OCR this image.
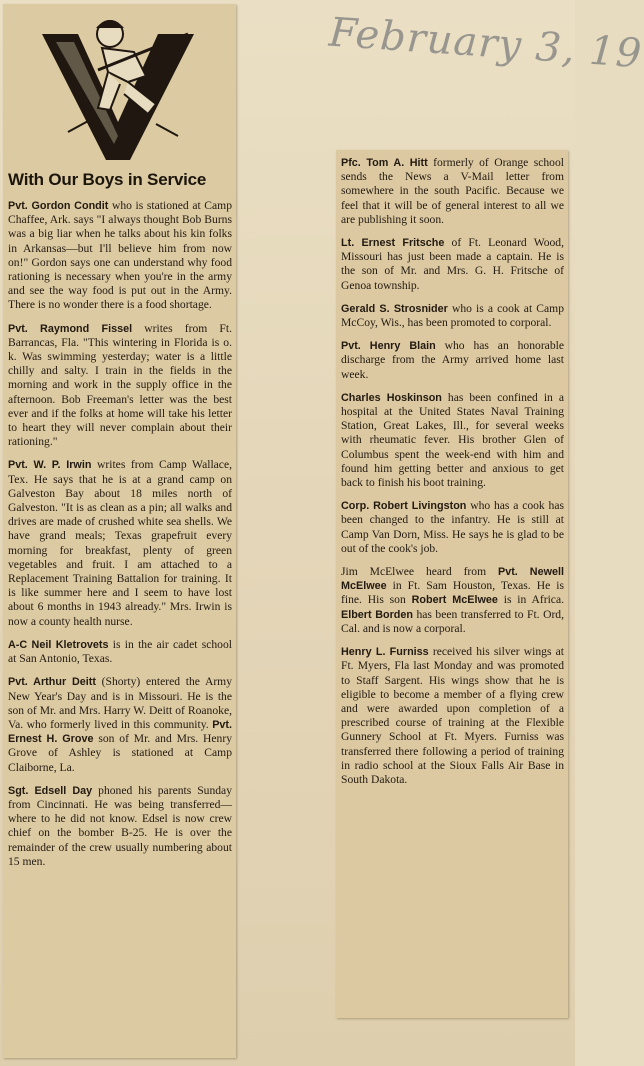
February 3, 19
With Our Boys in Service

Pvt. Gordon Condit who is stationed at Camp Chaffee, Ark. says "I always thought Bob Burns was a big liar when he talks about his kin folks in Arkansas—but I'll believe him from now on!" Gordon says one can understand why food rationing is necessary when you're in the army and see the way food is put out in the Army. There is no wonder there is a food shortage.

Pvt. Raymond Fissel writes from Ft. Barrancas, Fla. "This wintering in Florida is o. k. Was swimming yesterday; water is a little chilly and salty. I train in the fields in the morning and work in the supply office in the afternoon. Bob Freeman's letter was the best ever and if the folks at home will take his letter to heart they will never complain about their rationing."

Pvt. W. P. Irwin writes from Camp Wallace, Tex. He says that he is at a grand camp on Galveston Bay about 18 miles north of Galveston. "It is as clean as a pin; all walks and drives are made of crushed white sea shells. We have grand meals; Texas grapefruit every morning for breakfast, plenty of green vegetables and fruit. I am attached to a Replacement Training Battalion for training. It is like summer here and I seem to have lost about 6 months in 1943 already." Mrs. Irwin is now a county health nurse.

A-C Neil Kletrovets is in the air cadet school at San Antonio, Texas.

Pvt. Arthur Deitt (Shorty) entered the Army New Year's Day and is in Missouri. He is the son of Mr. and Mrs. Harry W. Deitt of Roanoke, Va. who formerly lived in this community. Pvt. Ernest H. Grove son of Mr. and Mrs. Henry Grove of Ashley is stationed at Camp Claiborne, La.

Sgt. Edsell Day phoned his parents Sunday from Cincinnati. He was being transferred—where to he did not know. Edsel is now crew chief on the bomber B-25. He is over the remainder of the crew usually numbering about 15 men.

Pfc. Tom A. Hitt formerly of Orange school sends the News a V-Mail letter from somewhere in the south Pacific. Because we feel that it will be of general interest to all we are publishing it soon.

Lt. Ernest Fritsche of Ft. Leonard Wood, Missouri has just been made a captain. He is the son of Mr. and Mrs. G. H. Fritsche of Genoa township.

Gerald S. Strosnider who is a cook at Camp McCoy, Wis., has been promoted to corporal.

Pvt. Henry Blain who has an honorable discharge from the Army arrived home last week.

Charles Hoskinson has been confined in a hospital at the United States Naval Training Station, Great Lakes, Ill., for several weeks with rheumatic fever. His brother Glen of Columbus spent the week-end with him and found him getting better and anxious to get back to finish his boot training.

Corp. Robert Livingston who has a cook has been changed to the infantry. He is still at Camp Van Dorn, Miss. He says he is glad to be out of the cook's job.

Jim McElwee heard from Pvt. Newell McElwee in Ft. Sam Houston, Texas. He is fine. His son Robert McElwee is in Africa. Elbert Borden has been transferred to Ft. Ord, Cal. and is now a corporal.

Henry L. Furniss received his silver wings at Ft. Myers, Fla last Monday and was promoted to Staff Sargent. His wings show that he is eligible to become a member of a flying crew and were awarded upon completion of a prescribed course of training at the Flexible Gunnery School at Ft. Myers. Furniss was transferred there following a period of training in radio school at the Sioux Falls Air Base in South Dakota.
